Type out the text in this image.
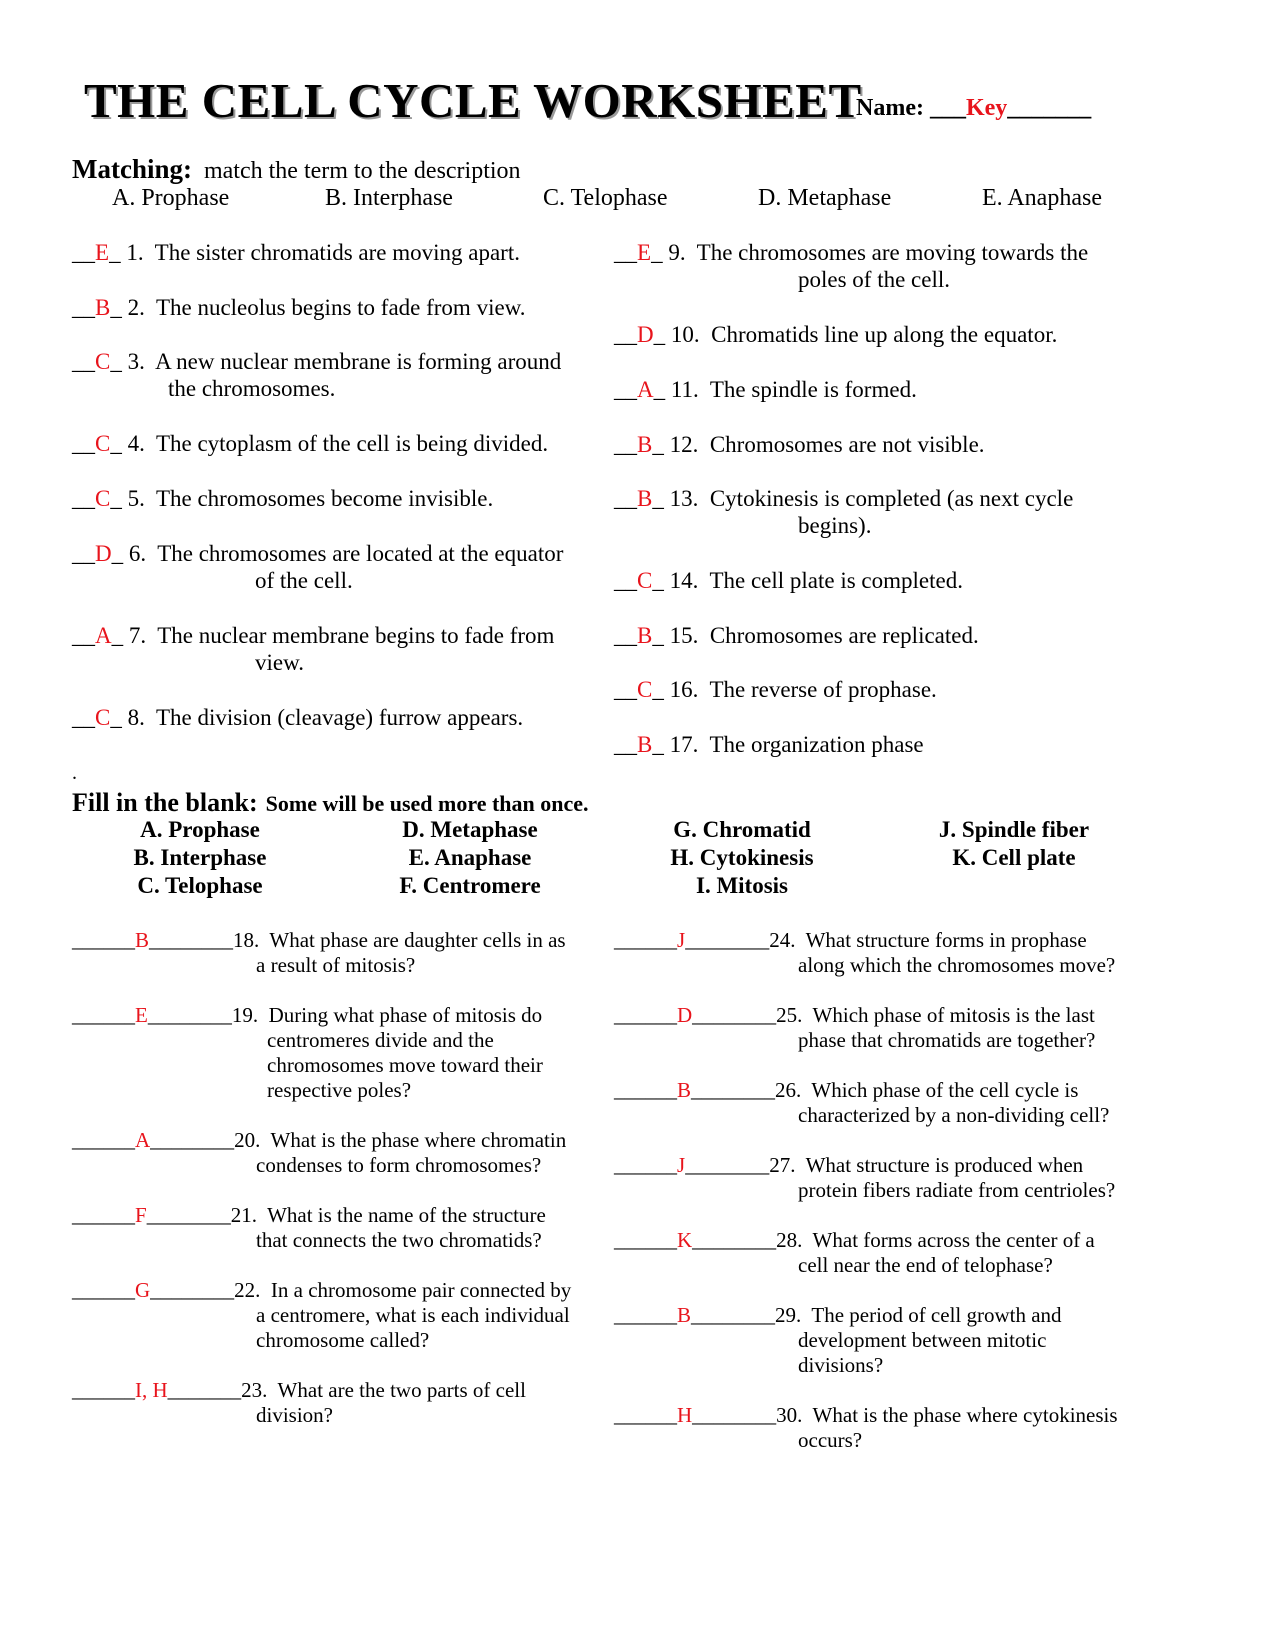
THE CELL CYCLE WORKSHEET
Name: ___Key_______
Matching: match the term to the description
A. Prophase	B. Interphase	C. Telophase	D. Metaphase	E. Anaphase
__E_ 1.  The sister chromatids are moving apart.
__B_ 2.  The nucleolus begins to fade from view.
__C_ 3.  A new nuclear membrane is forming around
the chromosomes.
__C_ 4.  The cytoplasm of the cell is being divided.
__C_ 5.  The chromosomes become invisible.
__D_ 6.  The chromosomes are located at the equator
of the cell.
__A_ 7.  The nuclear membrane begins to fade from
view.
__C_ 8.  The division (cleavage) furrow appears.
__E_ 9.  The chromosomes are moving towards the
poles of the cell.
__D_ 10.  Chromatids line up along the equator.
__A_ 11.  The spindle is formed.
__B_ 12.  Chromosomes are not visible.
__B_ 13.  Cytokinesis is completed (as next cycle
begins).
__C_ 14.  The cell plate is completed.
__B_ 15.  Chromosomes are replicated.
__C_ 16.  The reverse of prophase.
__B_ 17.  The organization phase
.
Fill in the blank: Some will be used more than once.
A. Prophase
B. Interphase
C. Telophase
D. Metaphase
E. Anaphase
F. Centromere
G. Chromatid
H. Cytokinesis
I. Mitosis
J. Spindle fiber
K. Cell plate
______B________18.  What phase are daughter cells in as
a result of mitosis?
______E________19.  During what phase of mitosis do
centromeres divide and the
chromosomes move toward their
respective poles?
______A________20.  What is the phase where chromatin
condenses to form chromosomes?
______F________21.  What is the name of the structure
that connects the two chromatids?
______G________22.  In a chromosome pair connected by
a centromere, what is each individual
chromosome called?
______I, H_______23.  What are the two parts of cell
division?
______J________24.  What structure forms in prophase
along which the chromosomes move?
______D________25.  Which phase of mitosis is the last
phase that chromatids are together?
______B________26.  Which phase of the cell cycle is
characterized by a non-dividing cell?
______J________27.  What structure is produced when
protein fibers radiate from centrioles?
______K________28.  What forms across the center of a
cell near the end of telophase?
______B________29.  The period of cell growth and
development between mitotic
divisions?
______H________30.  What is the phase where cytokinesis
occurs?
